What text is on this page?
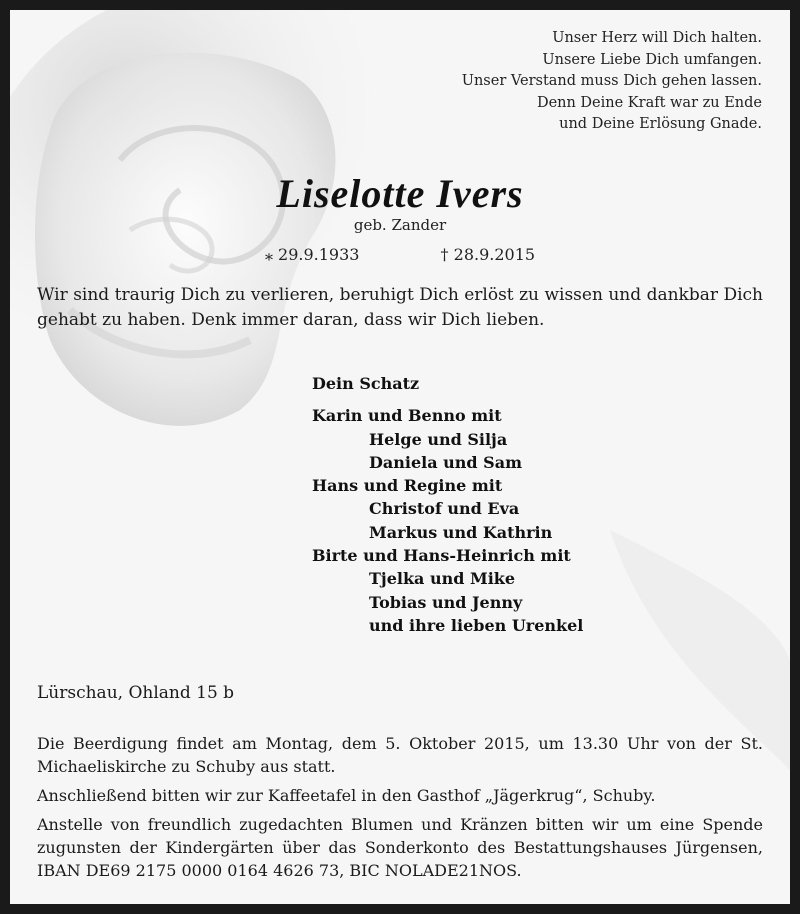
Unser Herz will Dich halten.
Unsere Liebe Dich umfangen.
Unser Verstand muss Dich gehen lassen.
Denn Deine Kraft war zu Ende
und Deine Erlösung Gnade.
Liselotte Ivers
geb. Zander
⁎ 29.9.1933	† 28.9.2015
Wir sind traurig Dich zu verlieren, beruhigt Dich erlöst zu wissen und dankbar Dich gehabt zu haben. Denk immer daran, dass wir Dich lieben.
Dein Schatz
Karin und Benno mit
Helge und Silja
Daniela und Sam
Hans und Regine mit
Christof und Eva
Markus und Kathrin
Birte und Hans-Heinrich mit
Tjelka und Mike
Tobias und Jenny
und ihre lieben Urenkel
Lürschau, Ohland 15 b

Die Beerdigung findet am Montag, dem 5. Oktober 2015, um 13.30 Uhr von der St. Michaeliskirche zu Schuby aus statt.

Anschließend bitten wir zur Kaffeetafel in den Gasthof „Jägerkrug“, Schuby.

Anstelle von freundlich zugedachten Blumen und Kränzen bitten wir um eine Spende zugunsten der Kindergärten über das Sonderkonto des Bestattungshauses Jürgensen, IBAN DE69 2175 0000 0164 4626 73, BIC NOLADE21NOS.
